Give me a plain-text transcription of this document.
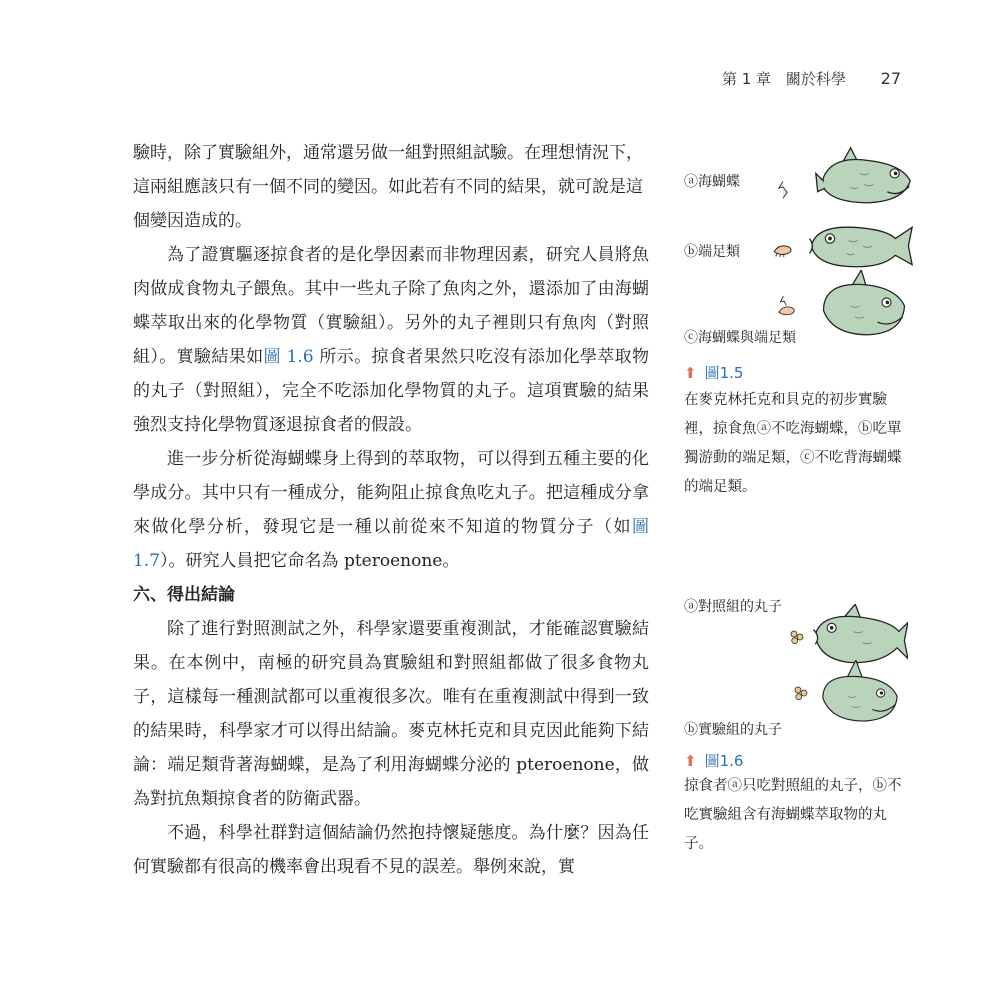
第 1 章 關於科學 27

驗時，除了實驗組外，通常還另做一組對照組試驗。在理想情況下，這兩組應該只有一個不同的變因。如此若有不同的結果，就可說是這個變因造成的。

為了證實驅逐掠食者的是化學因素而非物理因素，研究人員將魚肉做成食物丸子餵魚。其中一些丸子除了魚肉之外，還添加了由海蝴蝶萃取出來的化學物質（實驗組）。另外的丸子裡則只有魚肉（對照組）。實驗結果如圖 1.6 所示。掠食者果然只吃沒有添加化學萃取物的丸子（對照組），完全不吃添加化學物質的丸子。這項實驗的結果強烈支持化學物質逐退掠食者的假設。

進一步分析從海蝴蝶身上得到的萃取物，可以得到五種主要的化學成分。其中只有一種成分，能夠阻止掠食魚吃丸子。把這種成分拿來做化學分析，發現它是一種以前從來不知道的物質分子（如圖 1.7）。研究人員把它命名為 pteroenone。

六、得出結論

除了進行對照測試之外，科學家還要重複測試，才能確認實驗結果。在本例中，南極的研究員為實驗組和對照組都做了很多食物丸子，這樣每一種測試都可以重複很多次。唯有在重複測試中得到一致的結果時，科學家才可以得出結論。麥克林托克和貝克因此能夠下結論：端足類背著海蝴蝶，是為了利用海蝴蝶分泌的 pteroenone，做為對抗魚類掠食者的防衛武器。

不過，科學社群對這個結論仍然抱持懷疑態度。為什麼？因為任何實驗都有很高的機率會出現看不見的誤差。舉例來說，實

ⓐ海蝴蝶
ⓑ端足類
ⓒ海蝴蝶與端足類
⬆ 圖1.5
在麥克林托克和貝克的初步實驗裡，掠食魚ⓐ不吃海蝴蝶，ⓑ吃單獨游動的端足類，ⓒ不吃背海蝴蝶的端足類。
ⓐ對照組的丸子
ⓑ實驗組的丸子
⬆ 圖1.6
掠食者ⓐ只吃對照組的丸子，ⓑ不吃實驗組含有海蝴蝶萃取物的丸子。
